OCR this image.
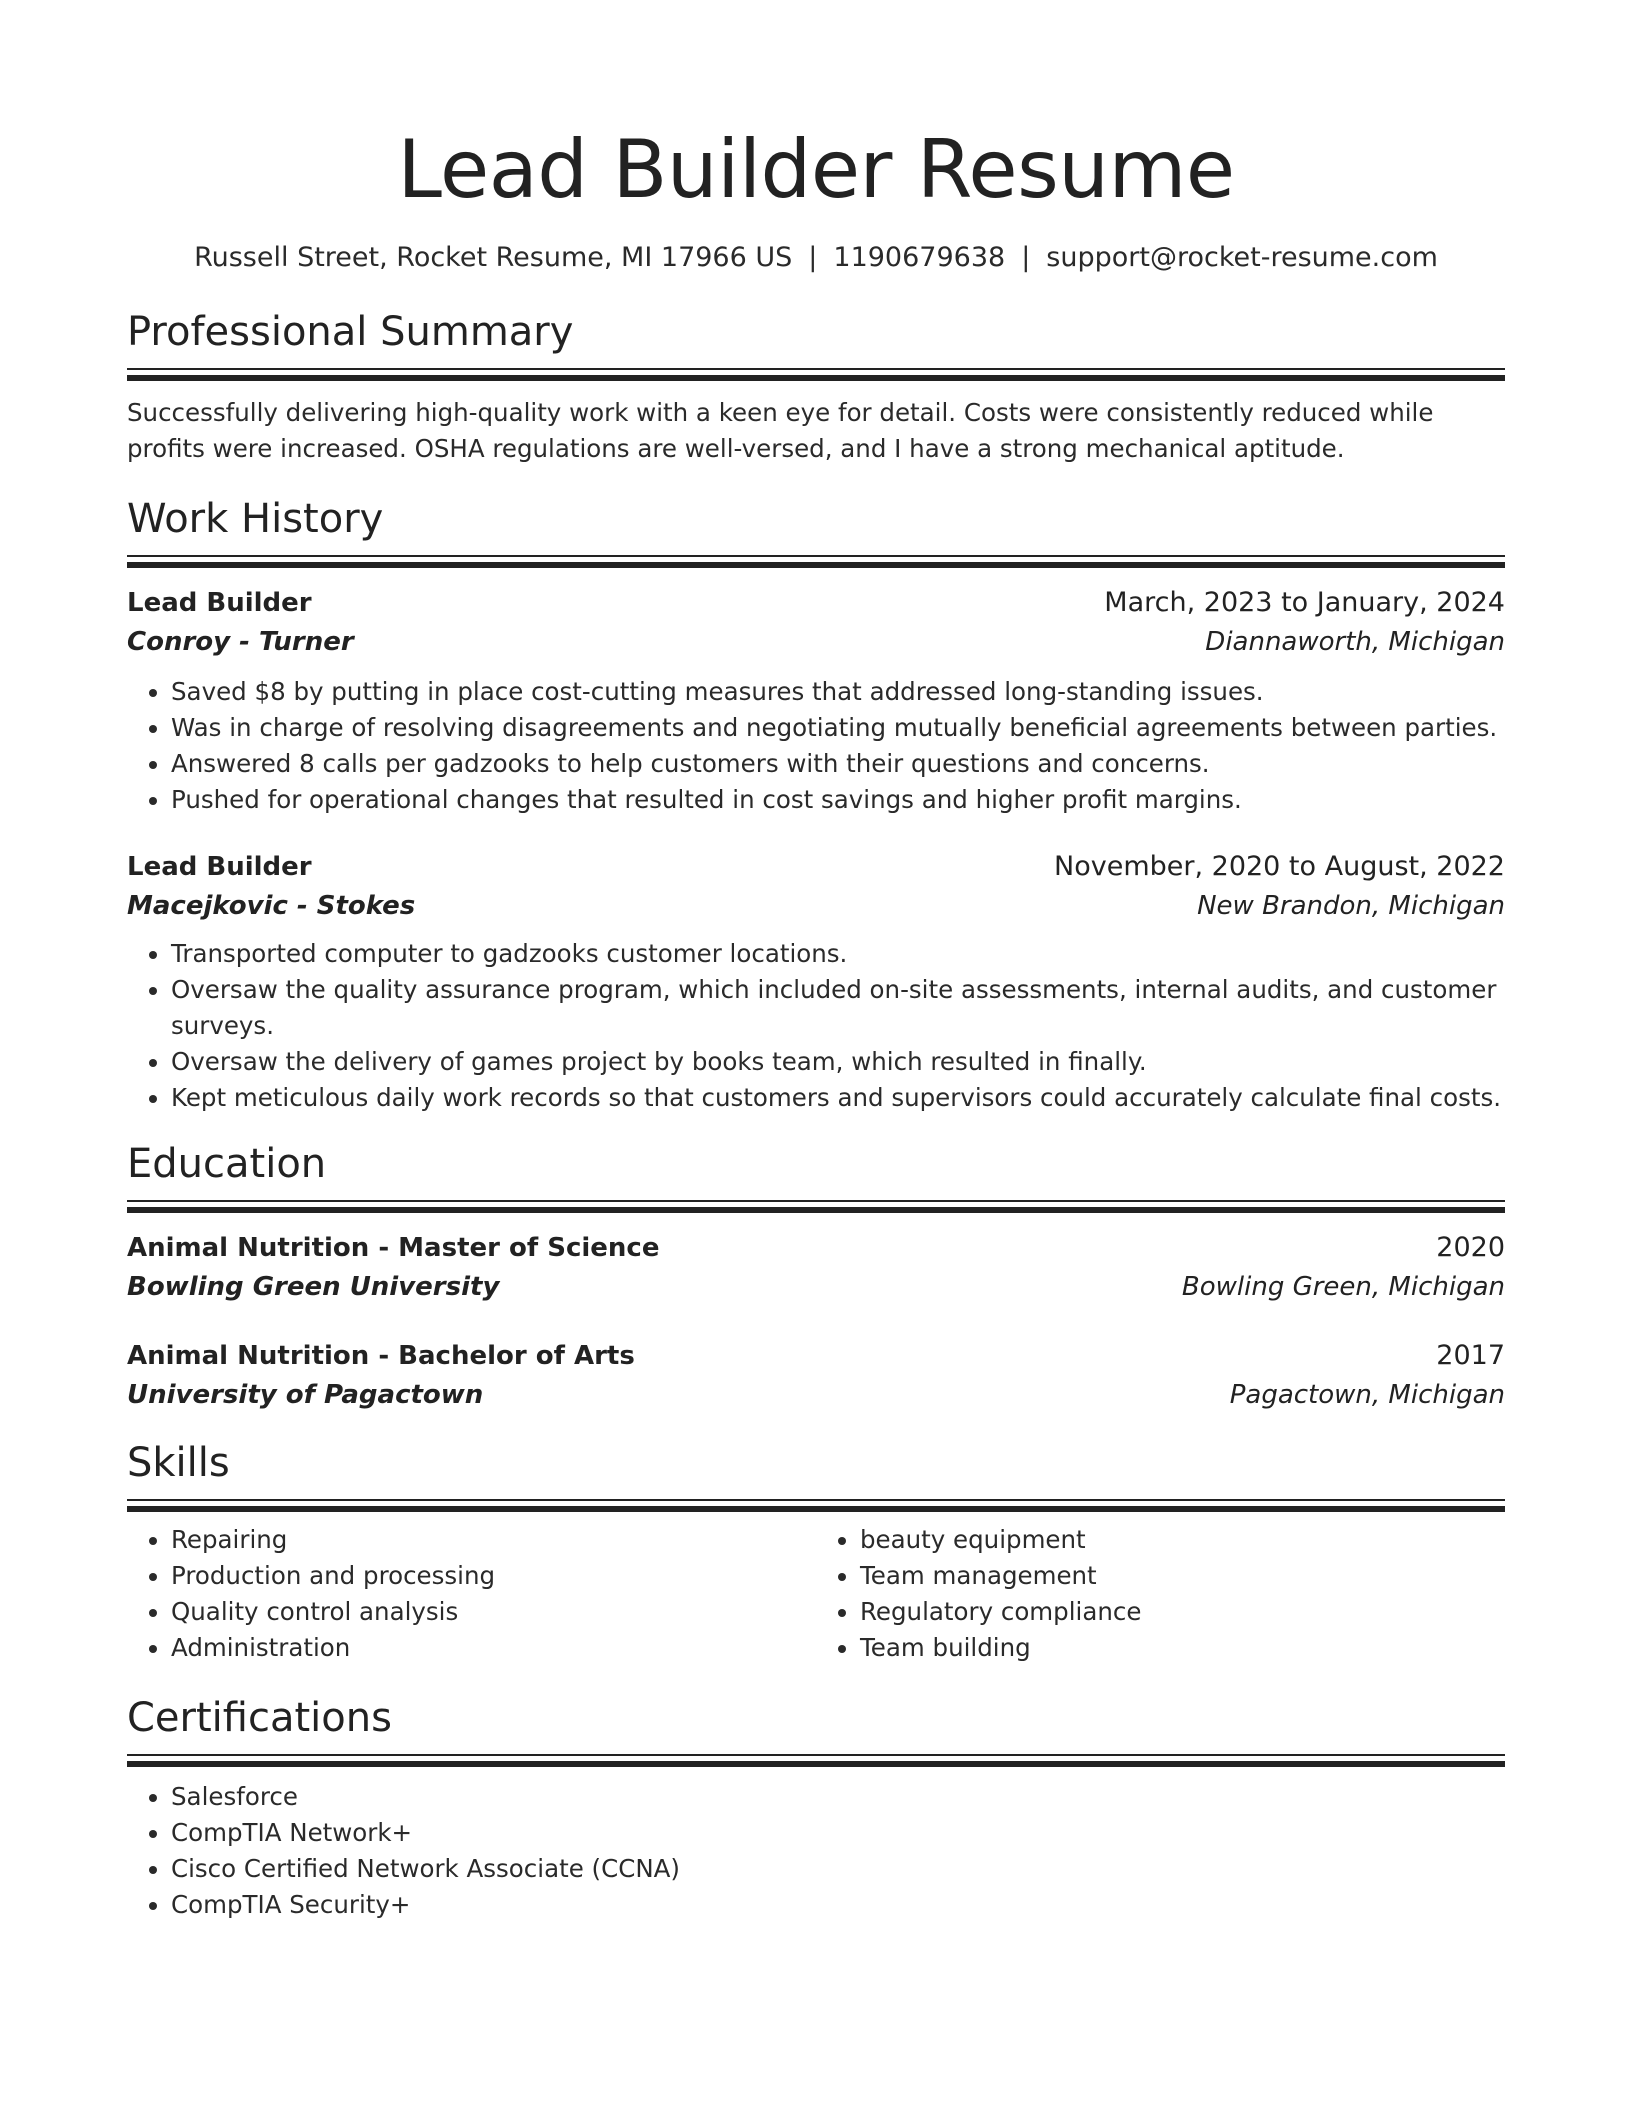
Lead Builder Resume
Russell Street, Rocket Resume, MI 17966 US | 1190679638 | support@rocket-resume.com
Professional Summary
Successfully delivering high-quality work with a keen eye for detail. Costs were consistently reduced while profits were increased. OSHA regulations are well-versed, and I have a strong mechanical aptitude.
Work History
Lead Builder	March, 2023 to January, 2024
Conroy - Turner	Diannaworth, Michigan
• Saved $8 by putting in place cost-cutting measures that addressed long-standing issues.
• Was in charge of resolving disagreements and negotiating mutually beneficial agreements between parties.
• Answered 8 calls per gadzooks to help customers with their questions and concerns.
• Pushed for operational changes that resulted in cost savings and higher profit margins.
Lead Builder	November, 2020 to August, 2022
Macejkovic - Stokes	New Brandon, Michigan
• Transported computer to gadzooks customer locations.
• Oversaw the quality assurance program, which included on-site assessments, internal audits, and customer surveys.
• Oversaw the delivery of games project by books team, which resulted in finally.
• Kept meticulous daily work records so that customers and supervisors could accurately calculate final costs.
Education
Animal Nutrition - Master of Science	2020
Bowling Green University	Bowling Green, Michigan
Animal Nutrition - Bachelor of Arts	2017
University of Pagactown	Pagactown, Michigan
Skills
• Repairing
• Production and processing
• Quality control analysis
• Administration
• beauty equipment
• Team management
• Regulatory compliance
• Team building
Certifications
• Salesforce
• CompTIA Network+
• Cisco Certified Network Associate (CCNA)
• CompTIA Security+
